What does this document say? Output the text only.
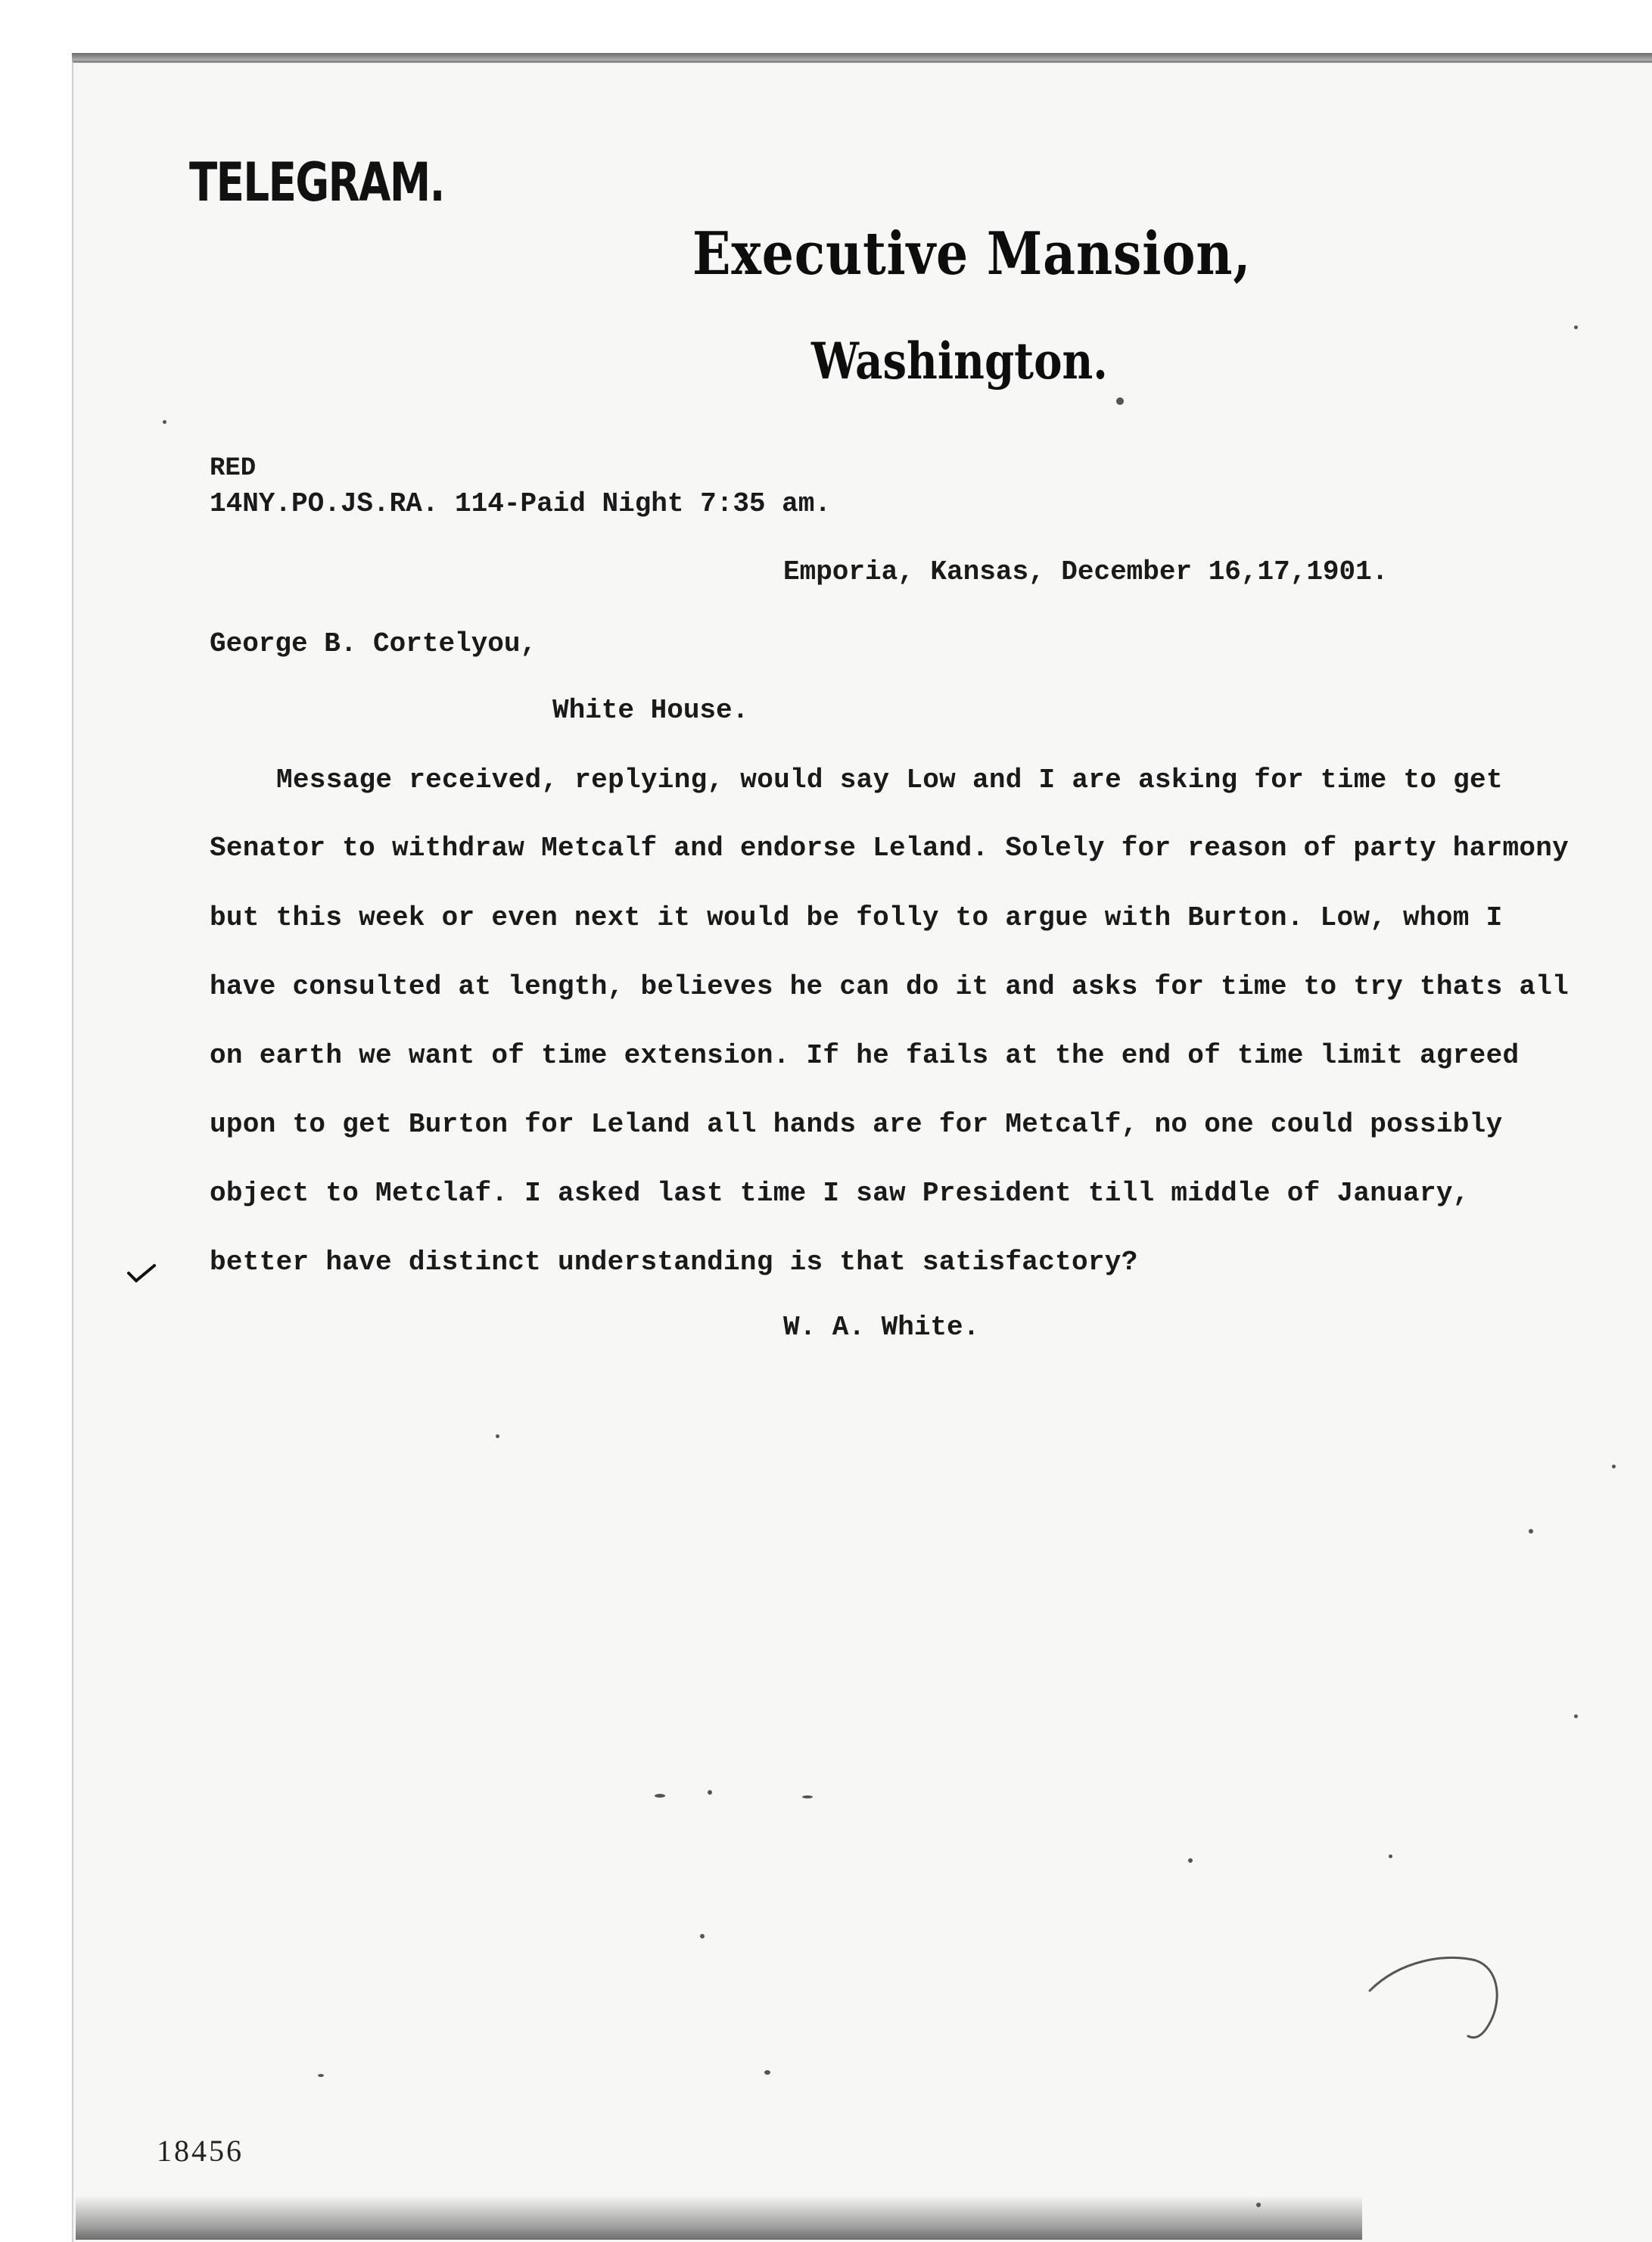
TELEGRAM.
Executive Mansion,
Washington.
RED
14NY.PO.JS.RA. 114-Paid Night 7:35 am.
Emporia, Kansas, December 16,17,1901.
George B. Cortelyou,
White House.
Message received, replying, would say Low and I are asking for time to get
Senator to withdraw Metcalf and endorse Leland. Solely for reason of party harmony
but this week or even next it would be folly to argue with Burton. Low, whom I
have consulted at length, believes he can do it and asks for time to try thats all
on earth we want of time extension. If he fails at the end of time limit agreed
upon to get Burton for Leland all hands are for Metcalf, no one could possibly
object to Metclaf. I asked last time I saw President till middle of January,
better have distinct understanding is that satisfactory?
W. A. White.
18456
